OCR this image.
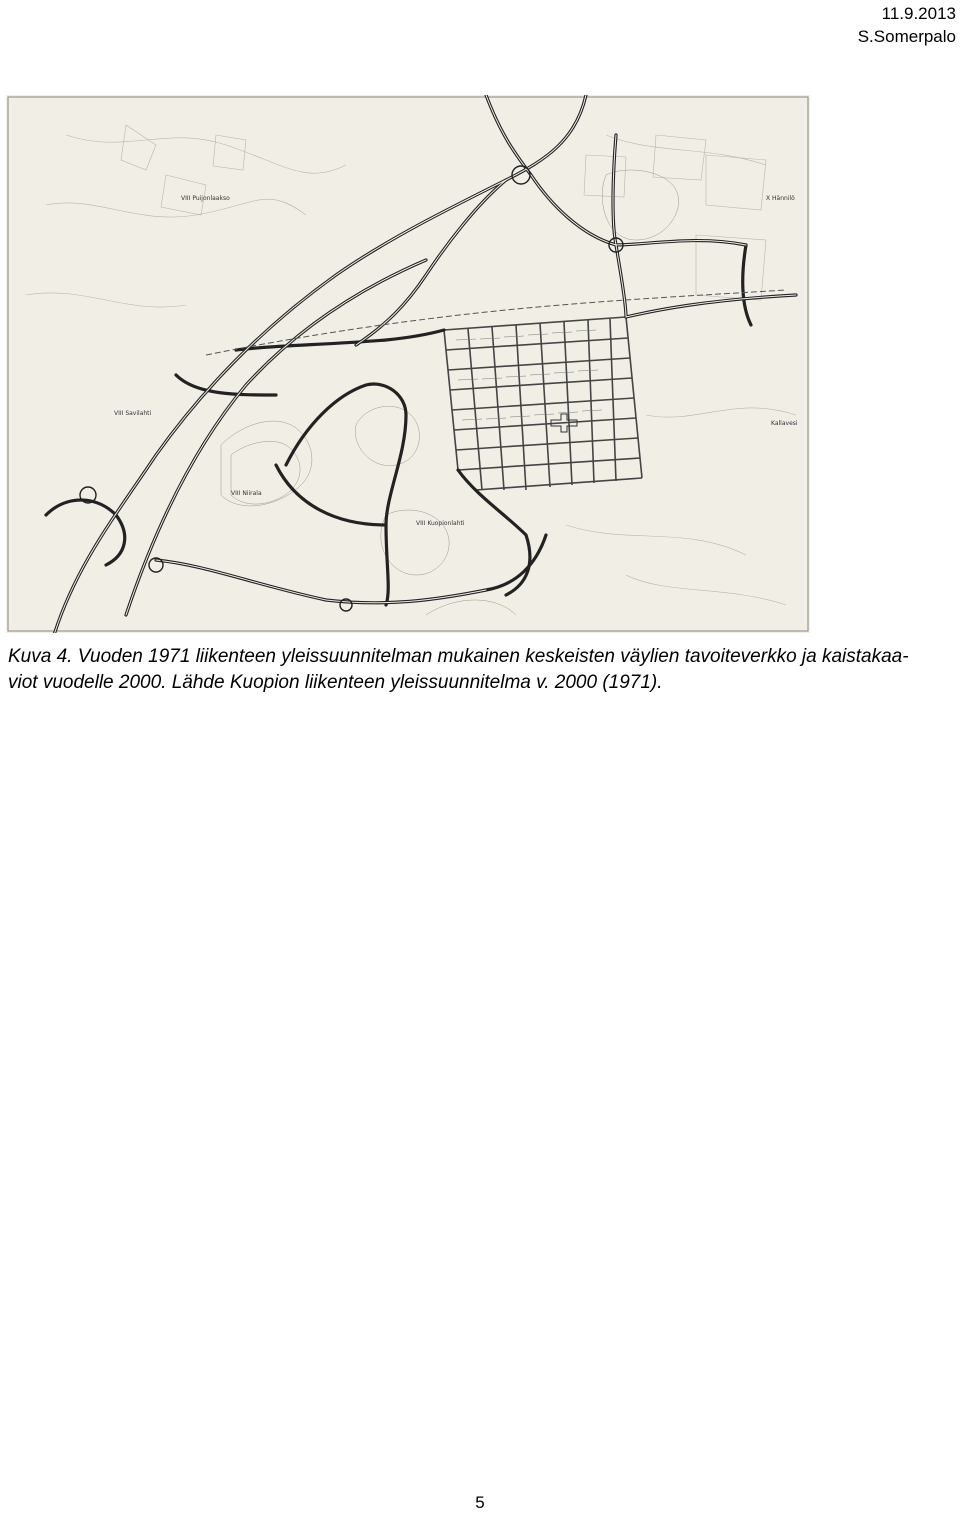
11.9.2013
S.Somerpalo
VIII Savilahti
X Hännilö
Kallavesi
VIII Niirala
VIII Puijonlaakso
VIII Kuopionlahti
Kuva 4. Vuoden 1971 liikenteen yleissuunnitelman mukainen keskeisten väylien tavoiteverkko ja kaistakaa-
viot vuodelle 2000. Lähde Kuopion liikenteen yleissuunnitelma v. 2000 (1971).
5
